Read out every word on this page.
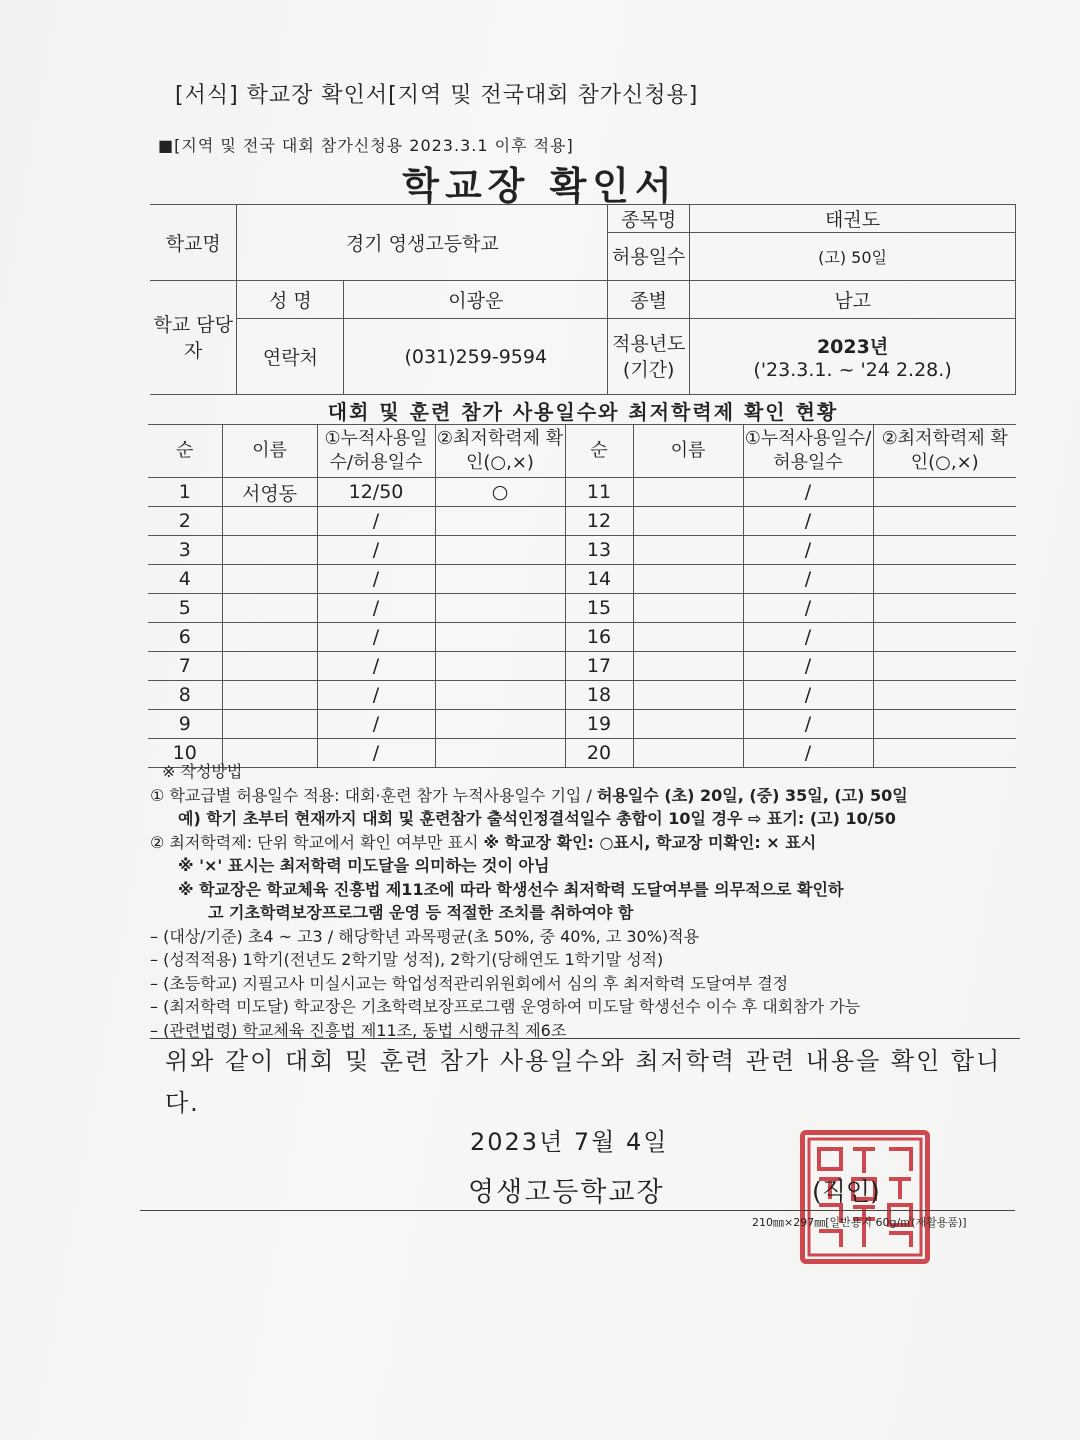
[서식] 학교장 확인서[지역 및 전국대회 참가신청용]
■[지역 및 전국 대회 참가신청용 2023.3.1 이후 적용]
학교장 확인서
학교명	경기 영생고등학교		종목명	태권도
			허용일수	(고) 50일
학교 담당자	성 명	이광운	종별	남고
	연락처	(031)259-9594	적용년도 (기간)	2023년
('23.3.1. ~ '24 2.28.)
대회 및 훈련 참가 사용일수와 최저학력제 확인 현황
순	이름	①누적사용일수/허용일수	②최저학력제 확인(○,×)	순	이름	①누적사용일수/허용일수	②최저학력제 확인(○,×)
1	서영동	12/50	○	11		/	
2		/		12		/	
3		/		13		/	
4		/		14		/	
5		/		15		/	
6		/		16		/	
7		/		17		/	
8		/		18		/	
9		/		19		/	
10		/		20		/	
※ 작성방법
① 학교급별 허용일수 적용: 대회·훈련 참가 누적사용일수 기입 / 허용일수 (초) 20일, (중) 35일, (고) 50일
예) 학기 초부터 현재까지 대회 및 훈련참가 출석인정결석일수 총합이 10일 경우 ⇨ 표기: (고) 10/50
② 최저학력제: 단위 학교에서 확인 여부만 표시 ※ 학교장 확인: ○표시, 학교장 미확인: × 표시
※ '×' 표시는 최저학력 미도달을 의미하는 것이 아님
※ 학교장은 학교체육 진흥법 제11조에 따라 학생선수 최저학력 도달여부를 의무적으로 확인하
고 기초학력보장프로그램 운영 등 적절한 조치를 취하여야 함
– (대상/기준) 초4 ~ 고3 / 해당학년 과목평균(초 50%, 중 40%, 고 30%)적용
– (성적적용) 1학기(전년도 2학기말 성적), 2학기(당해연도 1학기말 성적)
– (초등학교) 지필고사 미실시교는 학업성적관리위원회에서 심의 후 최저학력 도달여부 결정
– (최저학력 미도달) 학교장은 기초학력보장프로그램 운영하여 미도달 학생선수 이수 후 대회참가 가능
– (관련법령) 학교체육 진흥법 제11조, 동법 시행규칙 제6조
위와 같이 대회 및 훈련 참가 사용일수와 최저학력 관련 내용을 확인 합니다.
2023년 7월 4일
영생고등학교장	(직인)
210㎜×297㎜[일반용지 60g/㎡(재활용품)]
